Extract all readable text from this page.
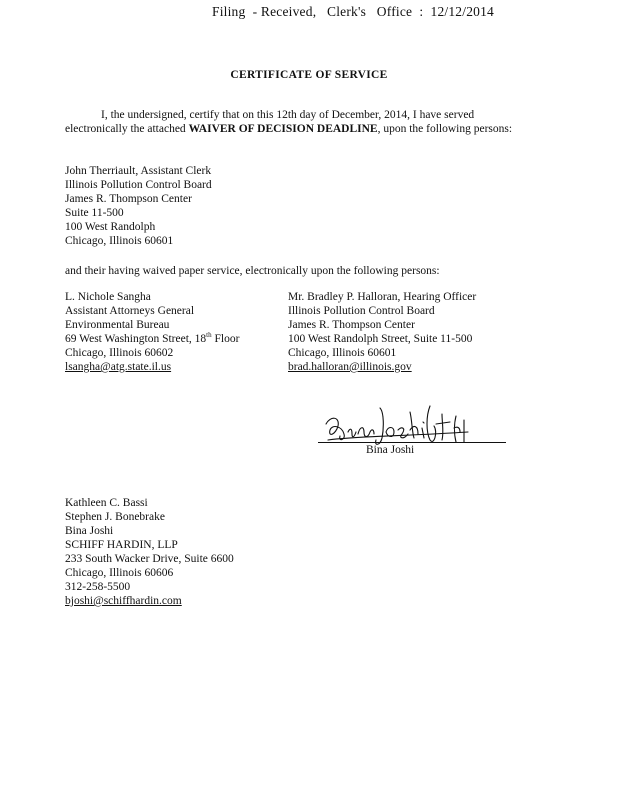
Filing  - Received,   Clerk's   Office  :  12/12/2014
CERTIFICATE OF SERVICE
I, the undersigned, certify that on this 12th day of December, 2014, I have served electronically the attached WAIVER OF DECISION DEADLINE, upon the following persons:
John Therriault, Assistant Clerk
Illinois Pollution Control Board
James R. Thompson Center
Suite 11-500
100 West Randolph
Chicago, Illinois 60601
and their having waived paper service, electronically upon the following persons:
L. Nichole Sangha
Assistant Attorneys General
Environmental Bureau
69 West Washington Street, 18th Floor
Chicago, Illinois 60602
lsangha@atg.state.il.us
Mr. Bradley P. Halloran, Hearing Officer
Illinois Pollution Control Board
James R. Thompson Center
100 West Randolph Street, Suite 11-500
Chicago, Illinois 60601
brad.halloran@illinois.gov
Bina Joshi
Kathleen C. Bassi
Stephen J. Bonebrake
Bina Joshi
SCHIFF HARDIN, LLP
233 South Wacker Drive, Suite 6600
Chicago, Illinois 60606
312-258-5500
bjoshi@schiffhardin.com
